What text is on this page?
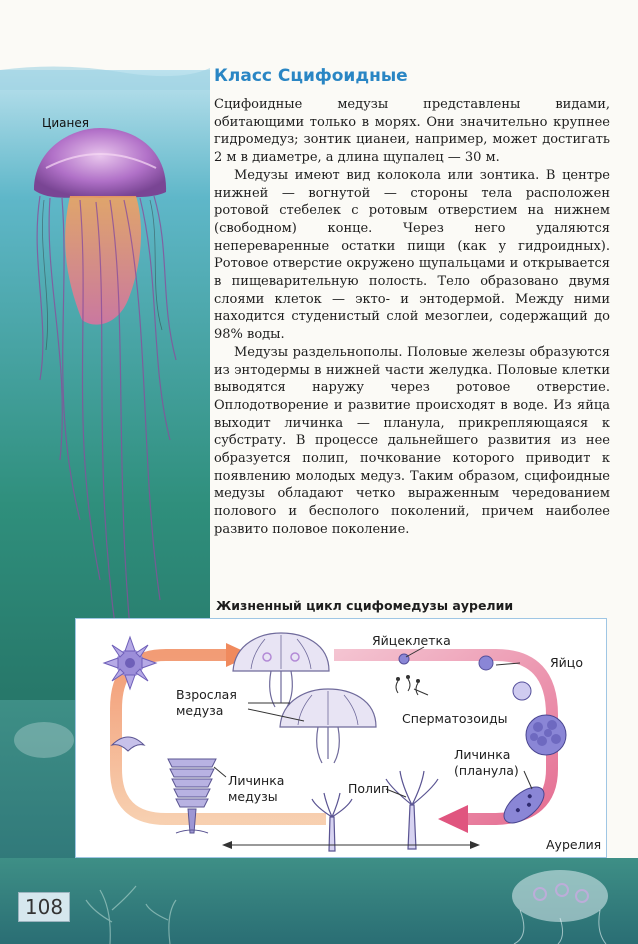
Цианея
Класс Сцифоидные

Сцифоидные медузы представлены видами, обитающими только в морях. Они значительно крупнее гидромедуз; зонтик цианеи, например, может достигать 2 м в диаметре, а длина щупалец — 30 м.

Медузы имеют вид колокола или зонтика. В центре нижней — вогнутой — стороны тела расположен ротовой стебелек с ротовым отверстием на нижнем (свободном) конце. Через него удаляются непереваренные остатки пищи (как у гидроидных). Ротовое отверстие окружено щупальцами и открывается в пищеварительную полость. Тело образовано двумя слоями клеток — экто- и энтодермой. Между ними находится студенистый слой мезоглеи, содержащий до 98% воды.

Медузы раздельнополы. Половые железы образуются из энтодермы в нижней части желудка. Половые клетки выводятся наружу через ротовое отверстие. Оплодотворение и развитие происходят в воде. Из яйца выходит личинка — планула, прикрепляющаяся к субстрату. В процессе дальнейшего развития из нее образуется полип, почкование которого приводит к появлению молодых медуз. Таким образом, сцифоидные медузы обладают четко выраженным чередованием полового и бесполого поколений, причем наиболее развито половое поколение.

Жизненный цикл сцифомедузы аурелии
Яйцеклетка
Яйцо
Взрослая
медуза
Сперматозоиды
Личинка
(планула)
Личинка
медузы
Полип
Аурелия
108
